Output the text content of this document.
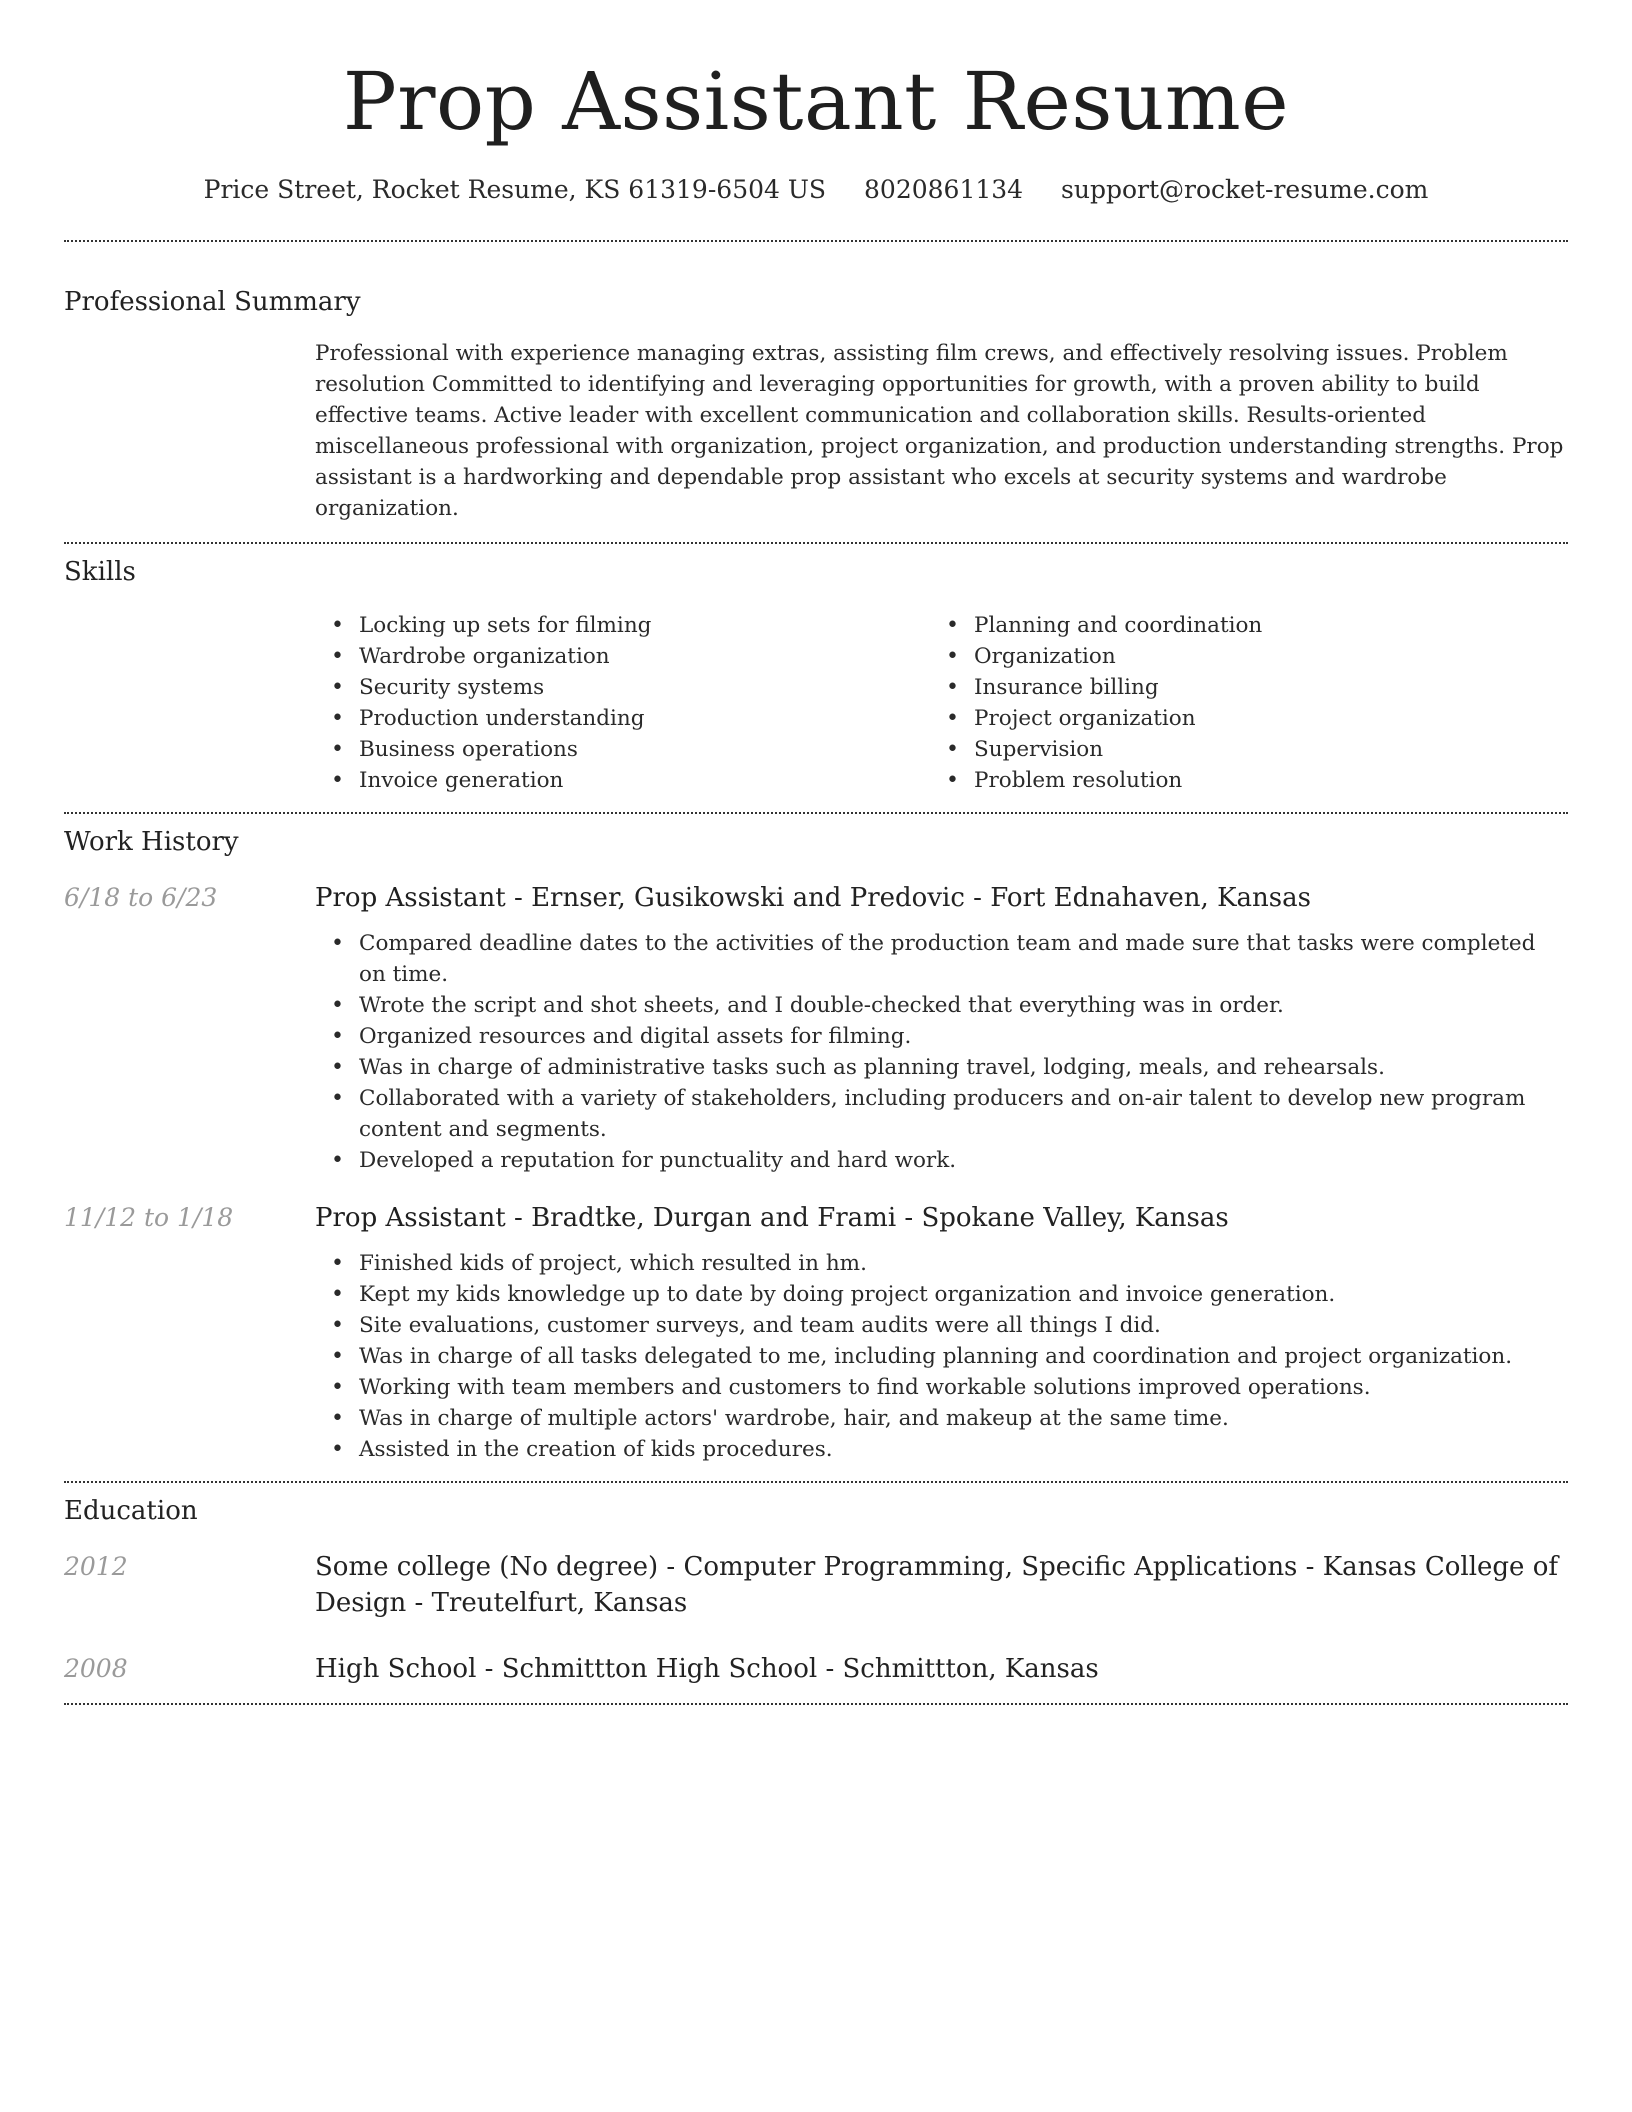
Prop Assistant Resume
Price Street, Rocket Resume, KS 61319-6504 US 8020861134 support@rocket-resume.com
Professional Summary

Professional with experience managing extras, assisting film crews, and effectively resolving issues. Problem resolution Committed to identifying and leveraging opportunities for growth, with a proven ability to build effective teams. Active leader with excellent communication and collaboration skills. Results-oriented miscellaneous professional with organization, project organization, and production understanding strengths. Prop assistant is a hardworking and dependable prop assistant who excels at security systems and wardrobe organization.

Skills
• Locking up sets for filming
• Wardrobe organization
• Security systems
• Production understanding
• Business operations
• Invoice generation
• Planning and coordination
• Organization
• Insurance billing
• Project organization
• Supervision
• Problem resolution
Work History
6/18 to 6/23	Prop Assistant - Ernser, Gusikowski and Predovic - Fort Ednahaven, Kansas
• Compared deadline dates to the activities of the production team and made sure that tasks were completed on time.
• Wrote the script and shot sheets, and I double-checked that everything was in order.
• Organized resources and digital assets for filming.
• Was in charge of administrative tasks such as planning travel, lodging, meals, and rehearsals.
• Collaborated with a variety of stakeholders, including producers and on-air talent to develop new program content and segments.
• Developed a reputation for punctuality and hard work.
11/12 to 1/18	Prop Assistant - Bradtke, Durgan and Frami - Spokane Valley, Kansas
• Finished kids of project, which resulted in hm.
• Kept my kids knowledge up to date by doing project organization and invoice generation.
• Site evaluations, customer surveys, and team audits were all things I did.
• Was in charge of all tasks delegated to me, including planning and coordination and project organization.
• Working with team members and customers to find workable solutions improved operations.
• Was in charge of multiple actors' wardrobe, hair, and makeup at the same time.
• Assisted in the creation of kids procedures.
Education
2012	Some college (No degree) - Computer Programming, Specific Applications - Kansas College of Design - Treutelfurt, Kansas
2008	High School - Schmittton High School - Schmittton, Kansas
